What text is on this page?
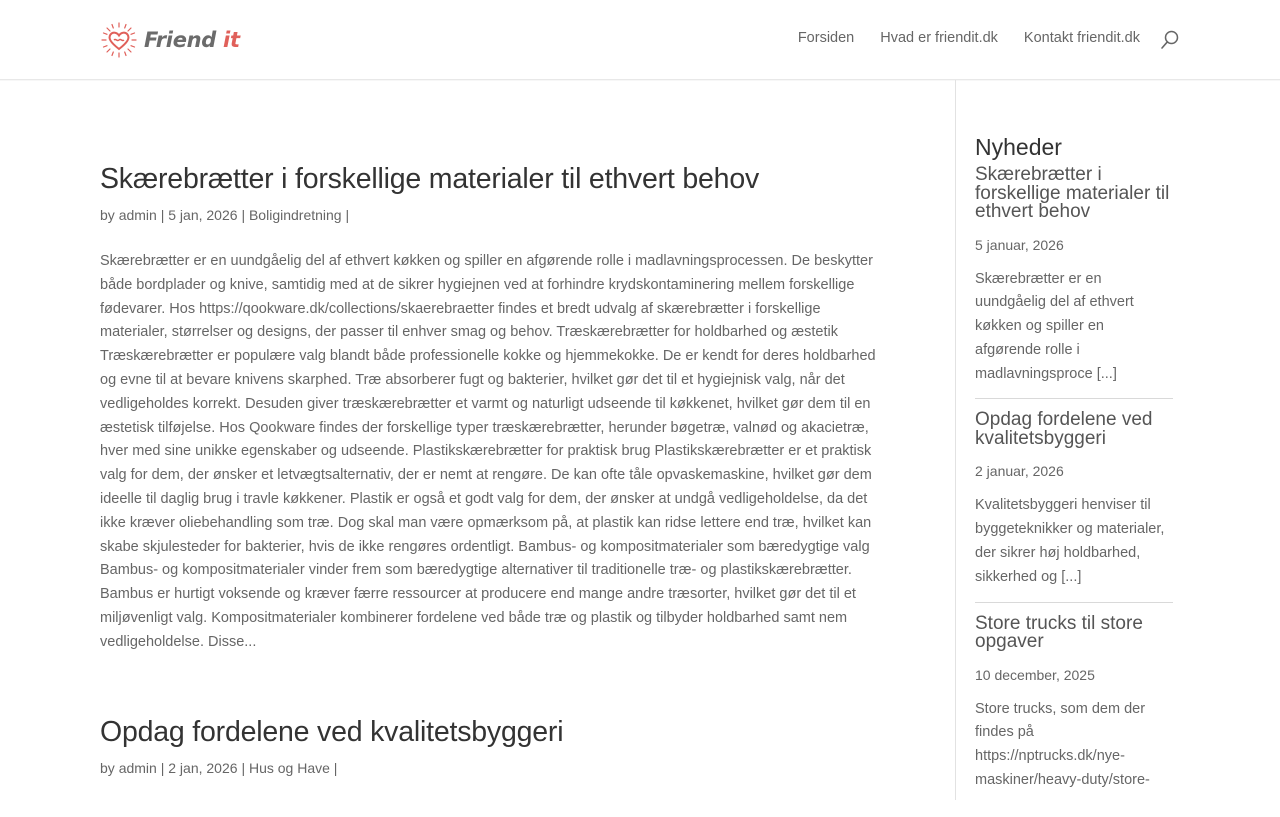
Friend it	Forsiden Hvad er friendit.dk Kontakt friendit.dk
Skærebrætter i forskellige materialer til ethvert behov
by admin | 5 jan, 2026 | Boligindretning |
Skærebrætter er en uundgåelig del af ethvert køkken og spiller en afgørende rolle i madlavningsprocessen. De beskytter både bordplader og knive, samtidig med at de sikrer hygiejnen ved at forhindre krydskontaminering mellem forskellige fødevarer. Hos https://qookware.dk/collections/skaerebraetter findes et bredt udvalg af skærebrætter i forskellige materialer, størrelser og designs, der passer til enhver smag og behov. Træskærebrætter for holdbarhed og æstetik Træskærebrætter er populære valg blandt både professionelle kokke og hjemmekokke. De er kendt for deres holdbarhed og evne til at bevare knivens skarphed. Træ absorberer fugt og bakterier, hvilket gør det til et hygiejnisk valg, når det vedligeholdes korrekt. Desuden giver træskærebrætter et varmt og naturligt udseende til køkkenet, hvilket gør dem til en æstetisk tilføjelse. Hos Qookware findes der forskellige typer træskærebrætter, herunder bøgetræ, valnød og akacietræ, hver med sine unikke egenskaber og udseende. Plastikskærebrætter for praktisk brug Plastikskærebrætter er et praktisk valg for dem, der ønsker et letvægtsalternativ, der er nemt at rengøre. De kan ofte tåle opvaskemaskine, hvilket gør dem ideelle til daglig brug i travle køkkener. Plastik er også et godt valg for dem, der ønsker at undgå vedligeholdelse, da det ikke kræver oliebehandling som træ. Dog skal man være opmærksom på, at plastik kan ridse lettere end træ, hvilket kan skabe skjulesteder for bakterier, hvis de ikke rengøres ordentligt. Bambus- og kompositmaterialer som bæredygtige valg Bambus- og kompositmaterialer vinder frem som bæredygtige alternativer til traditionelle træ- og plastikskærebrætter. Bambus er hurtigt voksende og kræver færre ressourcer at producere end mange andre træsorter, hvilket gør det til et miljøvenligt valg. Kompositmaterialer kombinerer fordelene ved både træ og plastik og tilbyder holdbarhed samt nem vedligeholdelse. Disse...
Opdag fordelene ved kvalitetsbyggeri
by admin | 2 jan, 2026 | Hus og Have |
Nyheder
Skærebrætter i forskellige materialer til ethvert behov
5 januar, 2026
Skærebrætter er en uundgåelig del af ethvert køkken og spiller en afgørende rolle i madlavningsproce [...]
Opdag fordelene ved kvalitetsbyggeri
2 januar, 2026
Kvalitetsbyggeri henviser til byggeteknikker og materialer, der sikrer høj holdbarhed, sikkerhed og [...]
Store trucks til store opgaver
10 december, 2025
Store trucks, som dem der findes på https://nptrucks.dk/nye-maskiner/heavy-duty/store-
